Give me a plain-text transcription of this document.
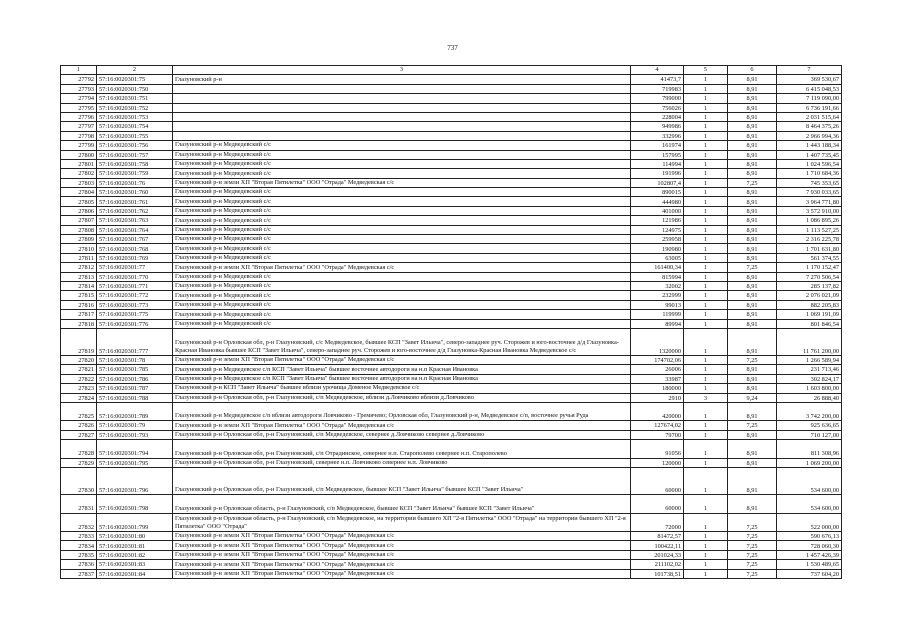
737
1	2	3	4	5	6	7
27792	57:16:0020301:75	Глазуновский р-н	41473,7	1	8,91	369 530,67
27793	57:16:0020301:750		719983	1	8,91	6 415 048,53
27794	57:16:0020301:751		799000	1	8,91	7 119 090,00
27795	57:16:0020301:752		756026	1	8,91	6 736 191,66
27796	57:16:0020301:753		228004	1	8,91	2 031 515,64
27797	57:16:0020301:754		949986	1	8,91	8 464 375,26
27798	57:16:0020301:755		332996	1	8,91	2 966 994,36
27799	57:16:0020301:756	Глазуновский р-н Медведевский с/с	161974	1	8,91	1 443 188,34
27800	57:16:0020301:757	Глазуновский р-н Медведевский с/с	157995	1	8,91	1 407 735,45
27801	57:16:0020301:758	Глазуновский р-н Медведевский с/с	114994	1	8,91	1 024 596,54
27802	57:16:0020301:759	Глазуновский р-н Медведевский с/с	191996	1	8,91	1 710 684,36
27803	57:16:0020301:76	Глазуновский р-н земли ХП "Вторая Пятилетка" ООО "Отрада" Медведевская с/с	102807,4	1	7,25	745 353,65
27804	57:16:0020301:760	Глазуновский р-н Медведевский с/с	890015	1	8,91	7 930 033,65
27805	57:16:0020301:761	Глазуновский р-н Медведевский с/с	444980	1	8,91	3 964 771,80
27806	57:16:0020301:762	Глазуновский р-н Медведевский с/с	401000	1	8,91	3 572 910,00
27807	57:16:0020301:763	Глазуновский р-н Медведевский с/с	121986	1	8,91	1 086 895,26
27808	57:16:0020301:764	Глазуновский р-н Медведевский с/с	124975	1	8,91	1 113 527,25
27809	57:16:0020301:767	Глазуновский р-н Медведевский с/с	259958	1	8,91	2 316 225,78
27810	57:16:0020301:768	Глазуновский р-н Медведевский с/с	190980	1	8,91	1 701 631,80
27811	57:16:0020301:769	Глазуновский р-н Медведевский с/с	63005	1	8,91	561 374,55
27812	57:16:0020301:77	Глазуновский р-н земли ХП "Вторая Пятилетка" ООО "Отрада" Медведевская с/с	161400,34	1	7,25	1 170 152,47
27813	57:16:0020301:770	Глазуновский р-н Медведевский с/с	815994	1	8,91	7 270 506,54
27814	57:16:0020301:771	Глазуновский р-н Медведевский с/с	32002	1	8,91	285 137,82
27815	57:16:0020301:772	Глазуновский р-н Медведевский с/с	232999	1	8,91	2 076 021,09
27816	57:16:0020301:773	Глазуновский р-н Медведевский с/с	99013	1	8,91	882 205,83
27817	57:16:0020301:775	Глазуновский р-н Медведевский с/с	119999	1	8,91	1 069 191,09
27818	57:16:0020301:776	Глазуновский р-н Медведевский с/с	89994	1	8,91	801 846,54
27819	57:16:0020301:777	Глазуновский р-н Орловская обл, р-н Глазуновский, с/с Медведевское, бывшее КСП "Завет Ильича", северо-западнее руч. Сторожев и юго-восточнее д/д Глазуновка-Красная Ивановка бывшее КСП "Завет Ильича", северо-западнее руч. Сторожев и юго-восточнее д/д Глазуновка-Красная Ивановка Медведевское с/с	1320000	1	8,91	11 761 200,00
27820	57:16:0020301:78	Глазуновский р-н земли ХП "Вторая Пятилетка" ООО "Отрада" Медведевская с/с	174702,06	1	7,25	1 266 589,94
27821	57:16:0020301:785	Глазуновский р-н Медведевское с/п КСП "Завет Ильича" бывшее восточнее автодороги на н.п Красная Ивановка	26006	1	8,91	231 713,46
27822	57:16:0020301:786	Глазуновский р-н Медведевское с/п КСП "Завет Ильича" бывшее восточнее автодороги на н.п Красная Ивановка	33987	1	8,91	302 824,17
27823	57:16:0020301:787	Глазуновский р-н КСП "Завет Ильича" бывшее вблизи урочища Доменое Медведевское с/с	180000	1	8,91	1 603 800,00
27824	57:16:0020301:788	Глазуновский р-н Орловская обл, р-н Глазуновский, с/п Медведевское, вблизи д.Ловчиково вблизи д.Ловчиково	2910	3	9,24	26 888,40
27825	57:16:0020301:789	Глазуновский р-н Медведевское с/п вблизи автодороги Ловчиково - Гремячево; Орловская обл, Глазуновский р-н, Медведевское с/п, восточнее ручья Руда	420000	1	8,91	3 742 200,00
27826	57:16:0020301:79	Глазуновский р-н земли ХП "Вторая Пятилетка" ООО "Отрада" Медведевская с/с	127674,02	1	7,25	925 636,65
27827	57:16:0020301:793	Глазуновский р-н Орловская обл, р-н Глазуновский, с/п Медведевское, севернее д.Ловчиково севернее д.Ловчиково	79700	1	8,91	710 127,00
27828	57:16:0020301:794	Глазуновский р-н Орловская обл, р-н Глазуновский, с/п Отрадинское, севернее н.п. Старополево севернее н.п. Старополево	91056	1	8,91	811 308,96
27829	57:16:0020301:795	Глазуновский р-н Орловская обл, р-н Глазуновский, севернее н.п. Ловчиково севернее н.п. Ловчиково	120000	1	8,91	1 069 200,00
27830	57:16:0020301:796	Глазуновский р-н Орловская обл, р-н Глазуновский, с/п Медведевское, бывшее КСП "Завет Ильича" бывшее КСП "Завет Ильича"	60000	1	8,91	534 600,00
27831	57:16:0020301:798	Глазуновский р-н Орловская область, р-н Глазуновский, с/п Медведевское, бывшее КСП "Завет Ильича" бывшее КСП "Завет Ильича"	60000	1	8,91	534 600,00
27832	57:16:0020301:799	Глазуновский р-н Орловская область, р-н Глазуновский, с/п Медведевское, на территории бывшего ХП "2-я Пятилетка" ООО "Отрада" на территории бывшего ХП "2-я Пятилетка" ООО "Отрада"	72000	1	7,25	522 000,00
27833	57:16:0020301:80	Глазуновский р-н земли ХП "Вторая Пятилетка" ООО "Отрада" Медведевская с/с	81472,57	1	7,25	590 676,13
27834	57:16:0020301:81	Глазуновский р-н земли ХП "Вторая Пятилетка" ООО "Отрада" Медведевская с/с	100422,11	1	7,25	728 060,30
27835	57:16:0020301:82	Глазуновский р-н земли ХП "Вторая Пятилетка" ООО "Отрада" Медведевская с/с	201024,33	1	7,25	1 457 426,39
27836	57:16:0020301:83	Глазуновский р-н земли ХП "Вторая Пятилетка" ООО "Отрада" Медведевская с/с	211102,02	1	7,25	1 530 489,65
27837	57:16:0020301:84	Глазуновский р-н земли ХП "Вторая Пятилетка" ООО "Отрада" Медведевская с/с	101738,51	1	7,25	737 604,20
